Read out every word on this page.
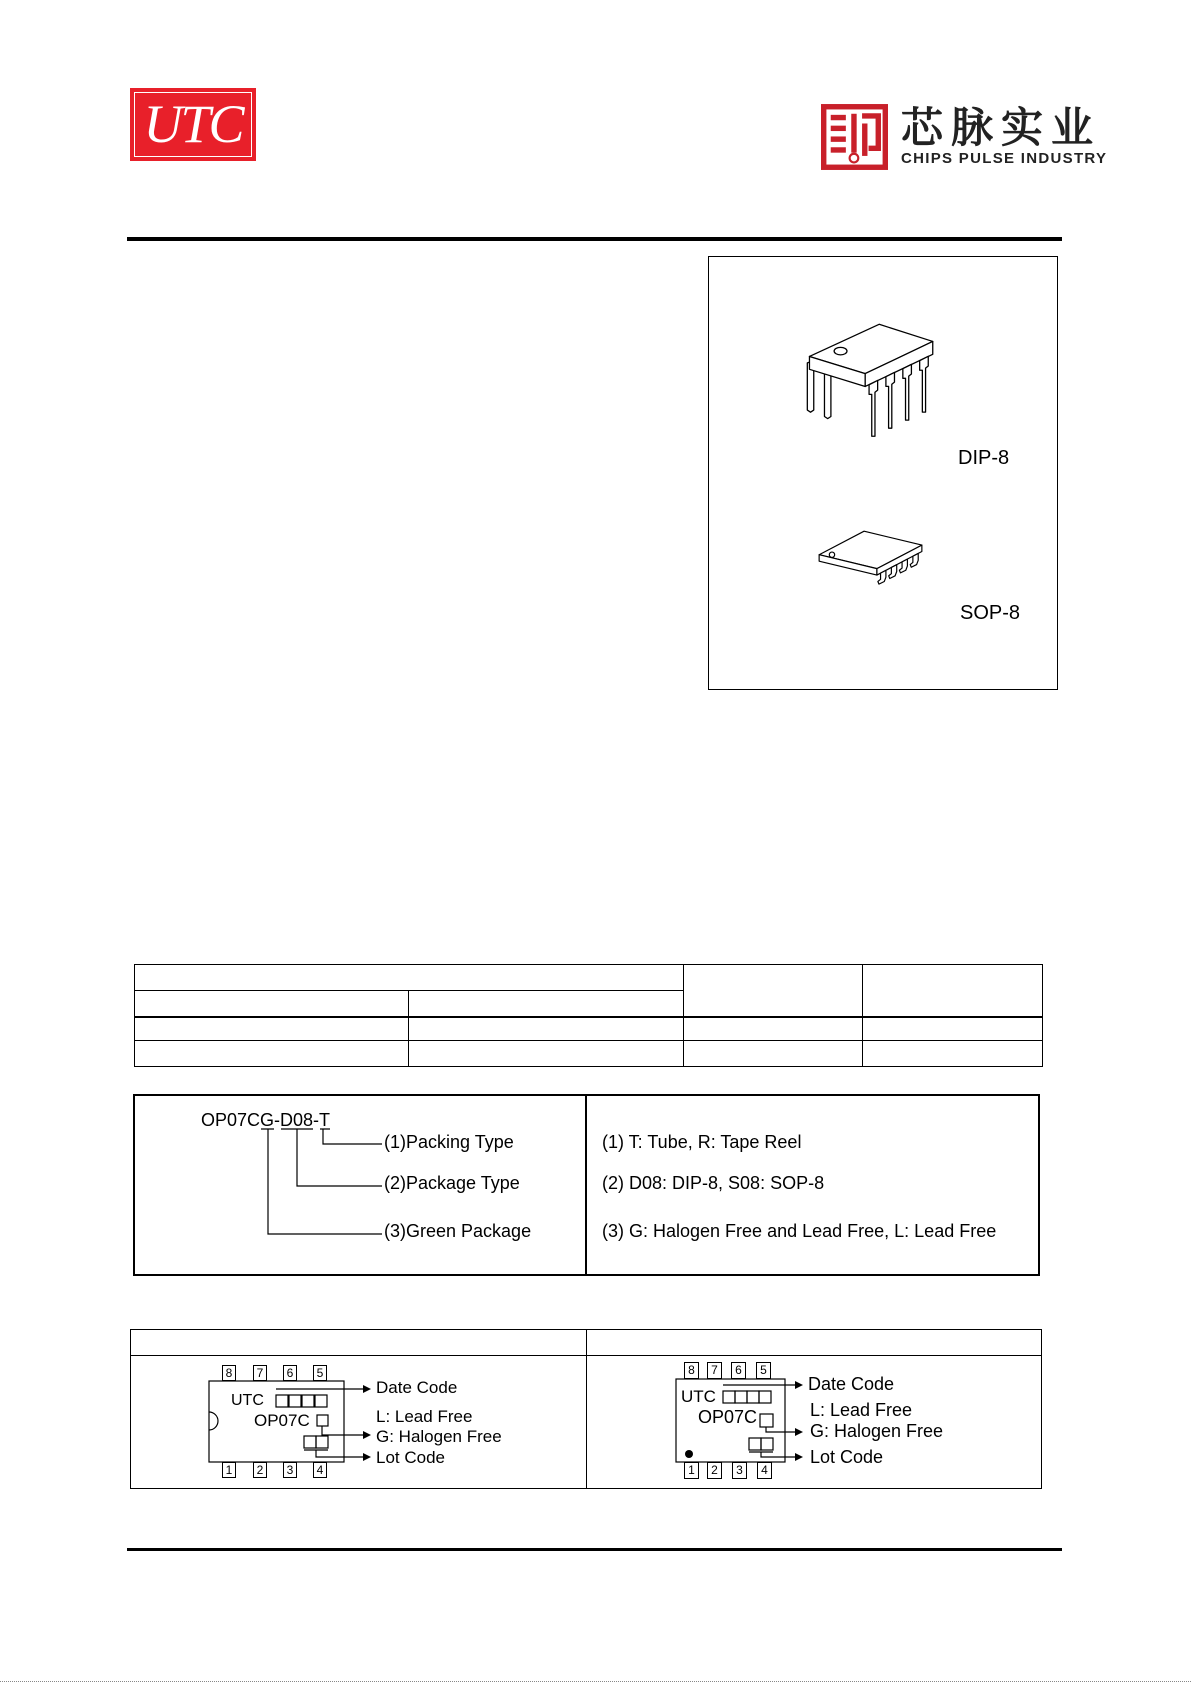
UTC	芯脉实业
CHIPS PULSE INDUSTRY
DIP-8
SOP-8

OP07CG-D08-T
(1)Packing Type
(2)Package Type
(3)Green Package
(1) T: Tube, R: Tape Reel
(2) D08: DIP-8, S08: SOP-8
(3) G: Halogen Free and Lead Free, L: Lead Free
8	7	6	5
1	2	3	4
UTC
OP07C
Date Code
L: Lead Free
G: Halogen Free
Lot Code
8	7	6	5
1	2	3	4
UTC
OP07C
Date Code
L: Lead Free
G: Halogen Free
Lot Code
